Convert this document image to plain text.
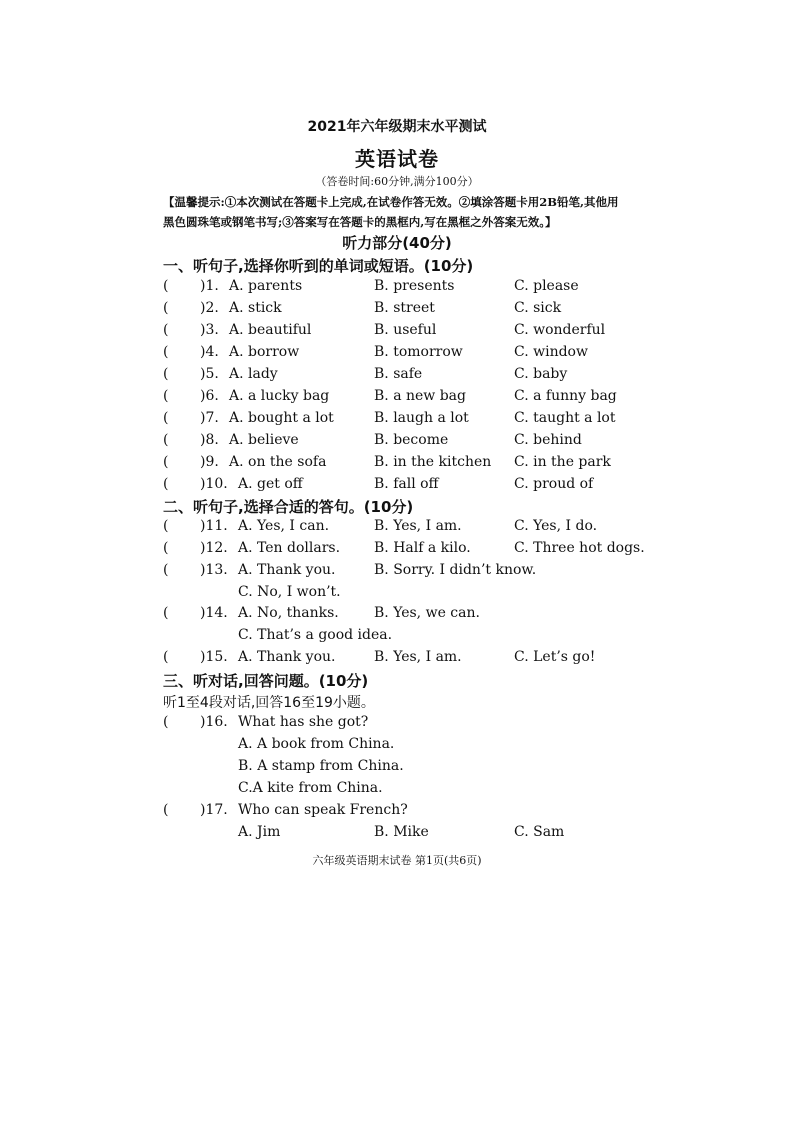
2021年六年级期末水平测试
英语试卷
（答卷时间:60分钟,满分100分）
【温馨提示:①本次测试在答题卡上完成,在试卷作答无效。②填涂答题卡用2B铅笔,其他用
黑色圆珠笔或钢笔书写;③答案写在答题卡的黑框内,写在黑框之外答案无效。】
听力部分(40分)
一、听句子,选择你听到的单词或短语。(10分)
( )1. A. parents	B. presents	C. please
( )2. A. stick	B. street	C. sick
( )3. A. beautiful	B. useful	C. wonderful
( )4. A. borrow	B. tomorrow	C. window
( )5. A. lady	B. safe	C. baby
( )6. A. a lucky bag	B. a new bag	C. a funny bag
( )7. A. bought a lot	B. laugh a lot	C. taught a lot
( )8. A. believe	B. become	C. behind
( )9. A. on the sofa	B. in the kitchen C. in the park
( )10. A. get off	B. fall off	C. proud of
二、听句子,选择合适的答句。(10分)
( )11. A. Yes, I can.	B. Yes, I am.	C. Yes, I do.
( )12. A. Ten dollars. B. Half a kilo.	C. Three hot dogs.
( )13. A. Thank you.	B. Sorry. I didn’t know.
C. No, I won’t.
( )14. A. No, thanks.	B. Yes, we can.
C. That’s a good idea.
( )15. A. Thank you.	B. Yes, I am.	C. Let’s go!
三、听对话,回答问题。(10分)
听1至4段对话,回答16至19小题。
( )16. What has she got?
A. A book from China.
B. A stamp from China.
C.A kite from China.
( )17. Who can speak French?
A. Jim	B. Mike	C. Sam
六年级英语期末试卷 第1页(共6页)
